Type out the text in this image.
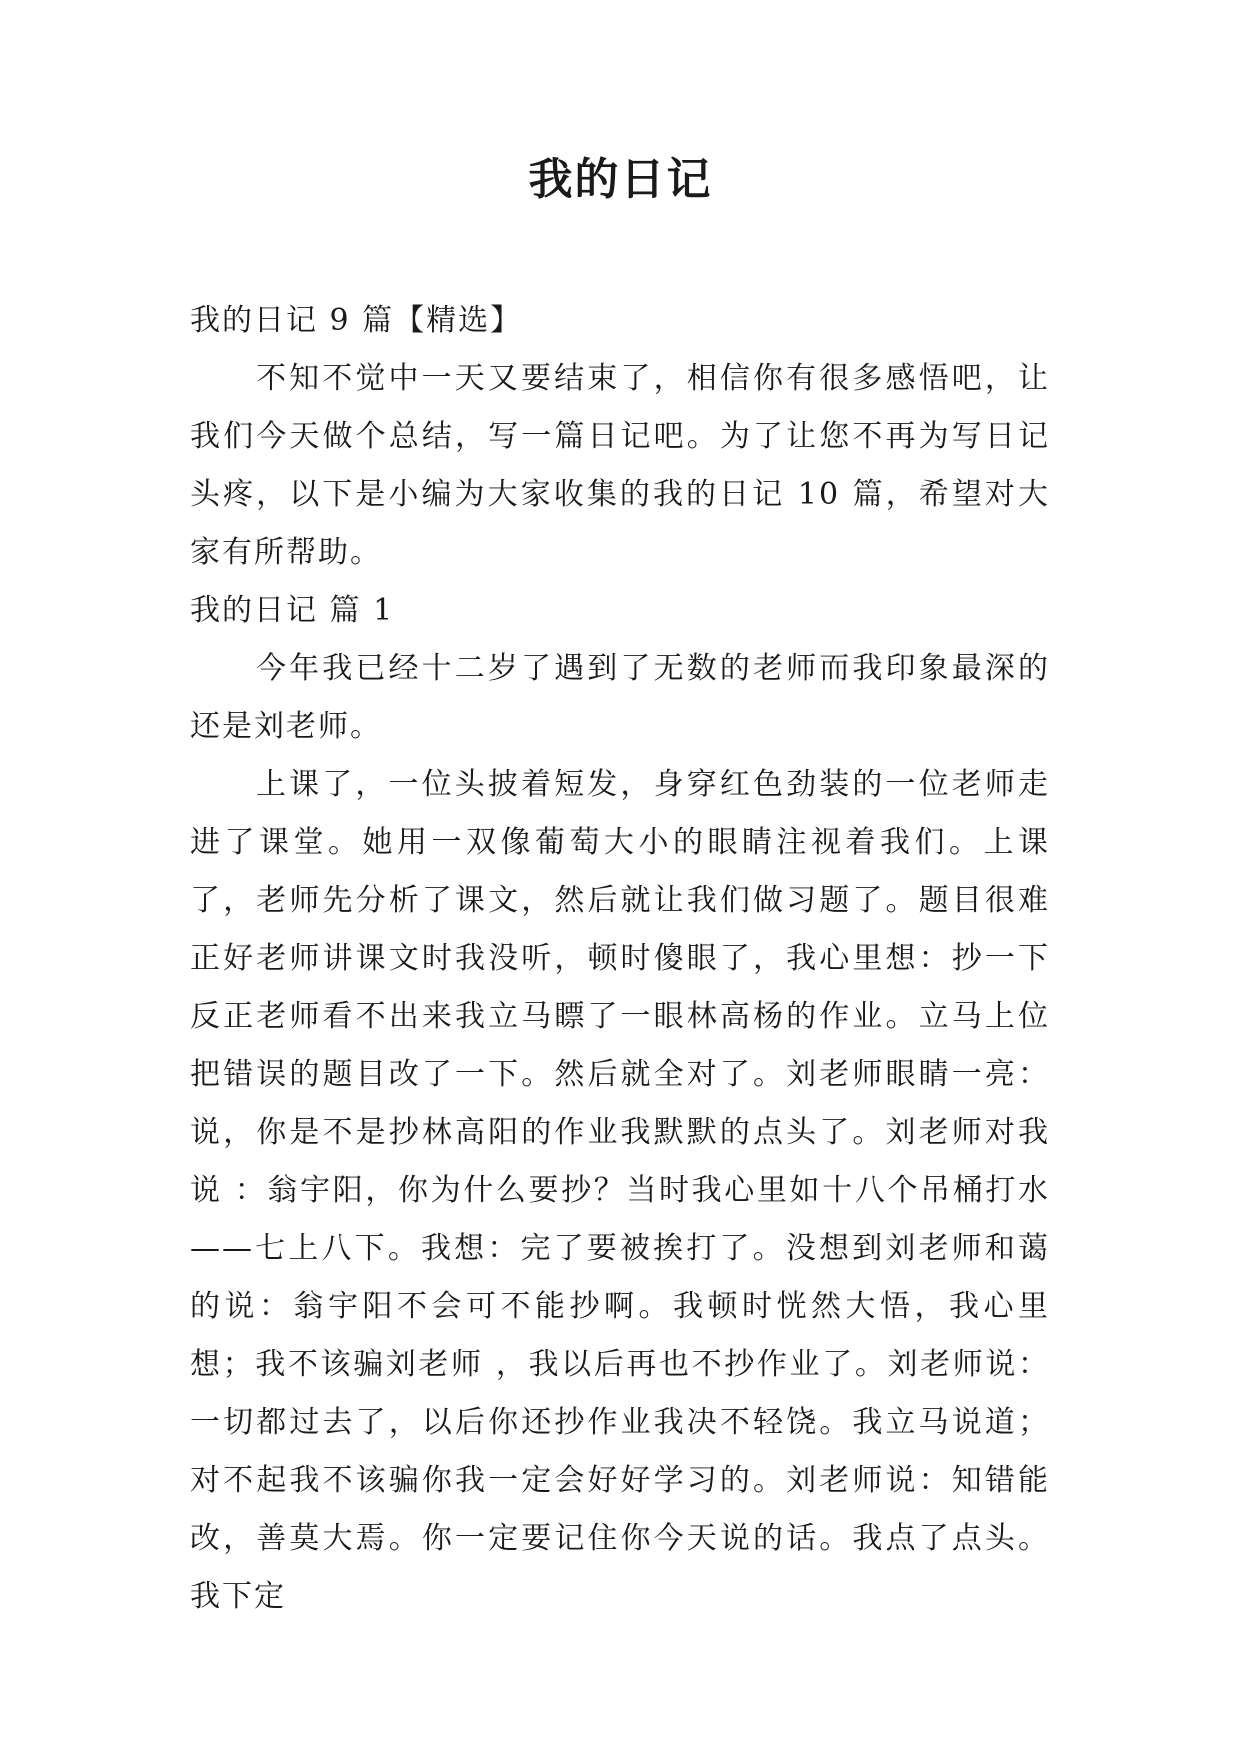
我的日记

我的日记 9 篇【精选】

不知不觉中一天又要结束了，相信你有很多感悟吧，让我们今天做个总结，写一篇日记吧。为了让您不再为写日记头疼，以下是小编为大家收集的我的日记 10 篇，希望对大家有所帮助。

我的日记 篇 1

今年我已经十二岁了遇到了无数的老师而我印象最深的还是刘老师。

上课了，一位头披着短发，身穿红色劲装的一位老师走进了课堂。她用一双像葡萄大小的眼睛注视着我们。上课了，老师先分析了课文，然后就让我们做习题了。题目很难正好老师讲课文时我没听，顿时傻眼了，我心里想：抄一下反正老师看不出来我立马瞟了一眼林高杨的作业。立马上位把错误的题目改了一下。然后就全对了。刘老师眼睛一亮：说，你是不是抄林高阳的作业我默默的点头了。刘老师对我说 ：翁宇阳，你为什么要抄？当时我心里如十八个吊桶打水——七上八下。我想：完了要被挨打了。没想到刘老师和蔼的说：翁宇阳不会可不能抄啊。我顿时恍然大悟，我心里想；我不该骗刘老师 ，我以后再也不抄作业了。刘老师说：一切都过去了，以后你还抄作业我决不轻饶。我立马说道；对不起我不该骗你我一定会好好学习的。刘老师说：知错能改，善莫大焉。你一定要记住你今天说的话。我点了点头。我下定
